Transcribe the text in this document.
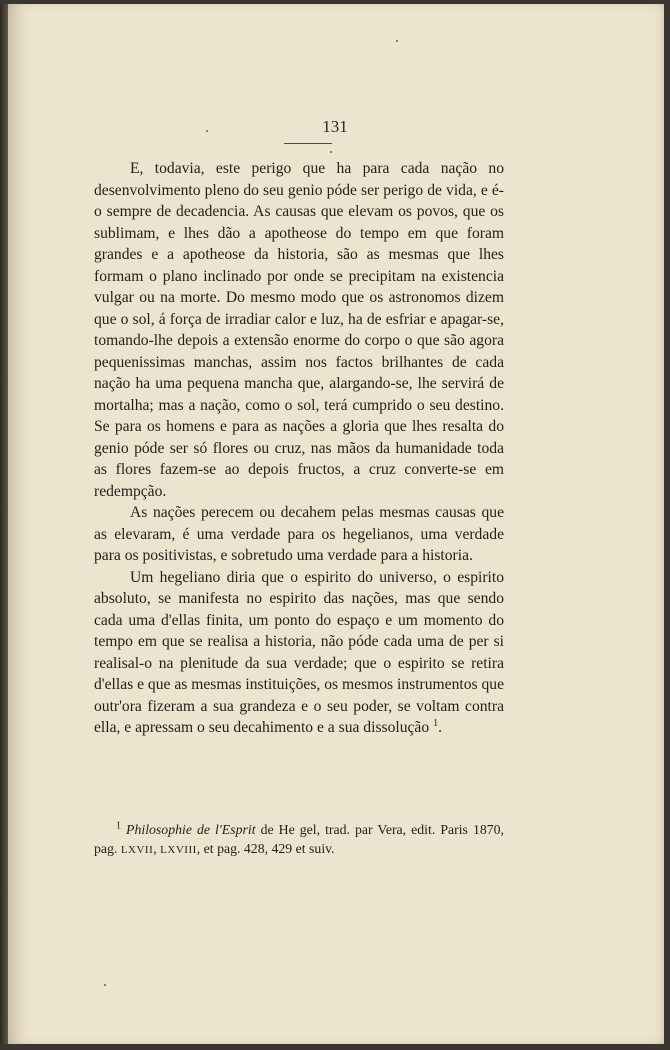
131

E, todavia, este perigo que ha para cada nação no desenvolvimento pleno do seu genio póde ser perigo de vida, e é-o sempre de decadencia. As causas que elevam os povos, que os sublimam, e lhes dão a apotheose do tempo em que foram grandes e a apotheose da historia, são as mesmas que lhes formam o plano inclinado por onde se precipitam na existencia vulgar ou na morte. Do mesmo modo que os astronomos dizem que o sol, á força de irradiar calor e luz, ha de esfriar e apagar-se, tomando-lhe depois a extensão enorme do corpo o que são agora pequenissimas manchas, assim nos factos brilhantes de cada nação ha uma pequena mancha que, alargando-se, lhe servirá de mortalha; mas a nação, como o sol, terá cumprido o seu destino. Se para os homens e para as nações a gloria que lhes resalta do genio póde ser só flores ou cruz, nas mãos da humanidade toda as flores fazem-se ao depois fructos, a cruz converte-se em redempção.

As nações perecem ou decahem pelas mesmas causas que as elevaram, é uma verdade para os hegelianos, uma verdade para os positivistas, e sobretudo uma verdade para a historia.

Um hegeliano diria que o espirito do universo, o espirito absoluto, se manifesta no espirito das nações, mas que sendo cada uma d'ellas finita, um ponto do espaço e um momento do tempo em que se realisa a historia, não póde cada uma de per si realisal-o na plenitude da sua verdade; que o espirito se retira d'ellas e que as mesmas instituições, os mesmos instrumentos que outr'ora fizeram a sua grandeza e o seu poder, se voltam contra ella, e apressam o seu decahimento e a sua dissolução $^1$.

$^1$ Philosophie de l'Esprit de He gel, trad. par Vera, edit. Paris 1870, pag. LXVII, LXVIII, et pag. 428, 429 et suiv.
